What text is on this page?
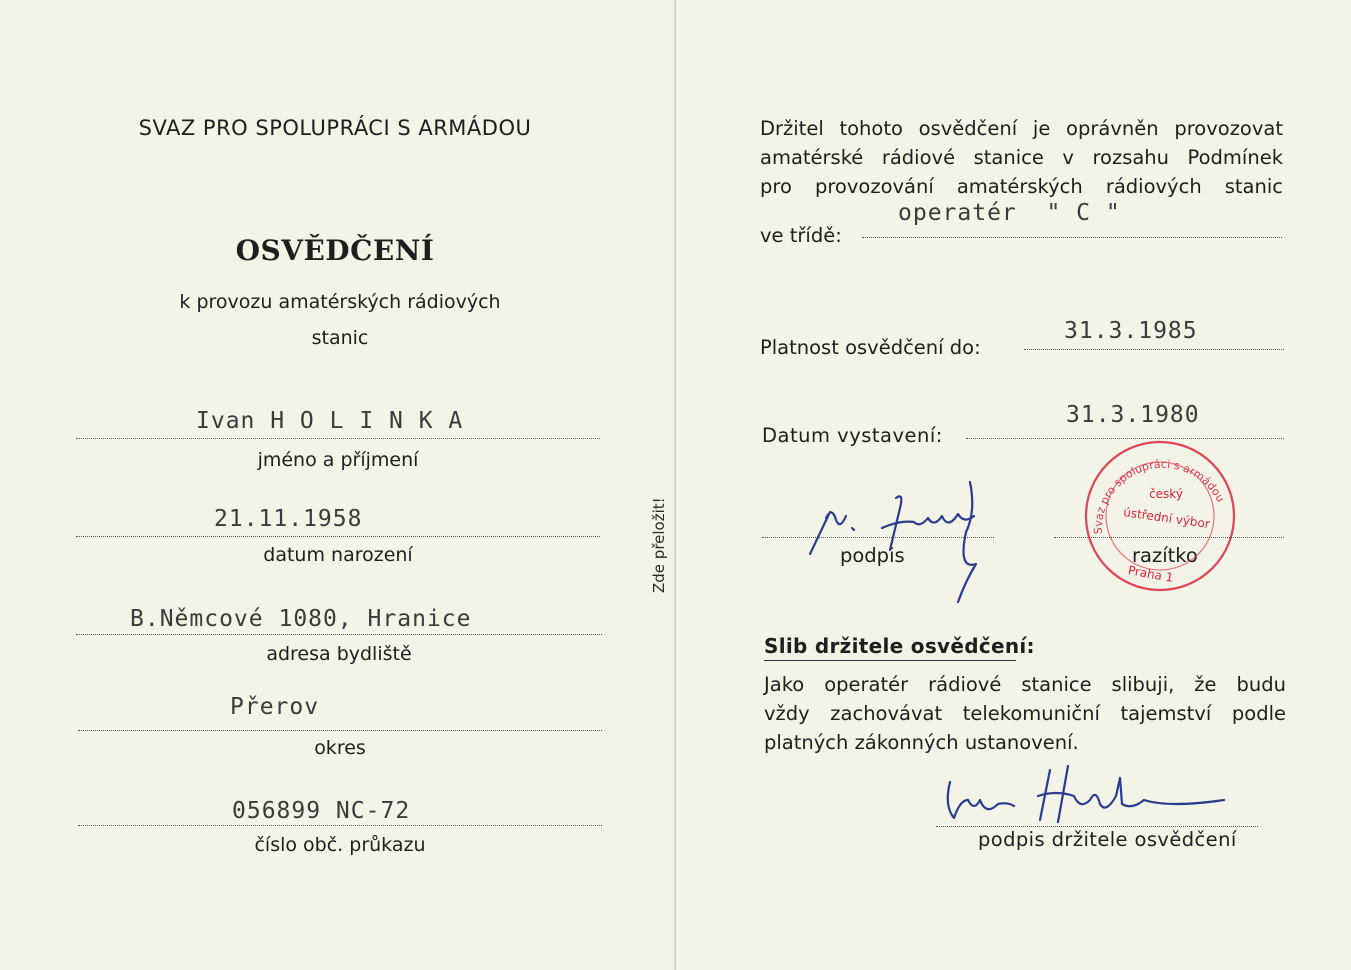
SVAZ PRO SPOLUPRÁCI S ARMÁDOU
OSVĚDČENÍ
k provozu amatérských rádiových
stanic
Ivan H O L I N K A
jméno a příjmení
21.11.1958
datum narození
B.Němcové 1080, Hranice
adresa bydliště
Přerov
okres
056899 NC-72
číslo obč. průkazu
Zde přeložit!
Držitel tohoto osvědčení je oprávněn provozovat
amatérské rádiové stanice v rozsahu Podmínek
pro provozování amatérských rádiových stanic
ve třídě:
operatér  " C "
Platnost osvědčení do:
31.3.1985
Datum vystavení:
31.3.1980
podpis	razítko
Svaz pro spolupráci s armádou
český
ústřední výbor
Praha 1
Slib držitele osvědčení:
Jako operatér rádiové stanice slibuji, že budu
vždy zachovávat telekomuniční tajemství podle
platných zákonných ustanovení.
podpis držitele osvědčení
